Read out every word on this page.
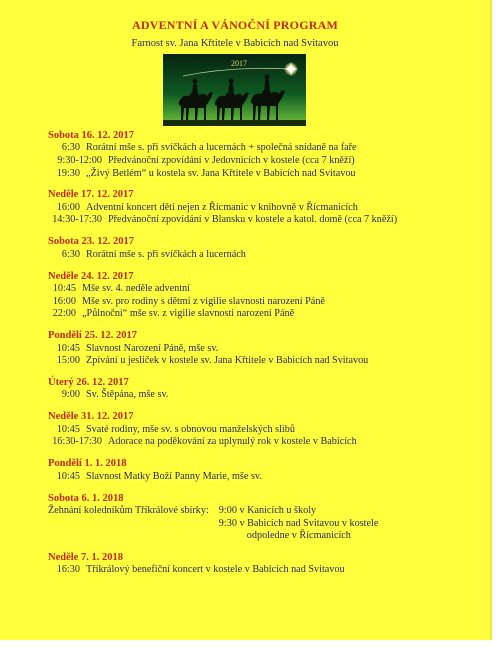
ADVENTNÍ A VÁNOČNÍ PROGRAM
Farnost sv. Jana Křtitele v Babicích nad Svitavou
2017
Sobota 16. 12. 2017
6:30 Rorátní mše s. při svíčkách a lucernách + společná snídaně na faře
9:30-12:00 Předvánoční zpovídání v Jedovnicích v kostele (cca 7 kněží)
19:30 „Živý Betlém“ u kostela sv. Jana Křtitele v Babicích nad Svitavou
Neděle 17. 12. 2017
16:00 Adventní koncert dětí nejen z Řícmanic v knihovně v Řícmanicích
14:30-17:30 Předvánoční zpovídání v Blansku v kostele a katol. domě (cca 7 kněží)
Sobota 23. 12. 2017
6:30 Rorátní mše s. při svíčkách a lucernách
Neděle 24. 12. 2017
10:45 Mše sv. 4. neděle adventní
16:00 Mše sv. pro rodiny s dětmi z vigilie slavnosti narození Páně
22:00 „Půlnoční“ mše sv. z vigilie slavnosti narození Páně
Pondělí 25. 12. 2017
10:45 Slavnost Narození Páně, mše sv.
15:00 Zpívání u jesliček v kostele sv. Jana Křtitele v Babicích nad Svitavou
Úterý 26. 12. 2017
9:00 Sv. Štěpána, mše sv.
Neděle 31. 12. 2017
10:45 Svaté rodiny, mše sv. s obnovou manželských slibů
16:30-17:30 Adorace na poděkování za uplynulý rok v kostele v Babicích
Pondělí 1. 1. 2018
10:45 Slavnost Matky Boží Panny Marie, mše sv.
Sobota 6. 1. 2018
Žehnání koledníkům Tříkrálové sbírky: 9:00 v Kanicích u školy
9:30 v Babicích nad Svitavou v kostele
odpoledne v Řícmanicích
Neděle 7. 1. 2018
16:30 Tříkrálový benefiční koncert v kostele v Babicích nad Svitavou
